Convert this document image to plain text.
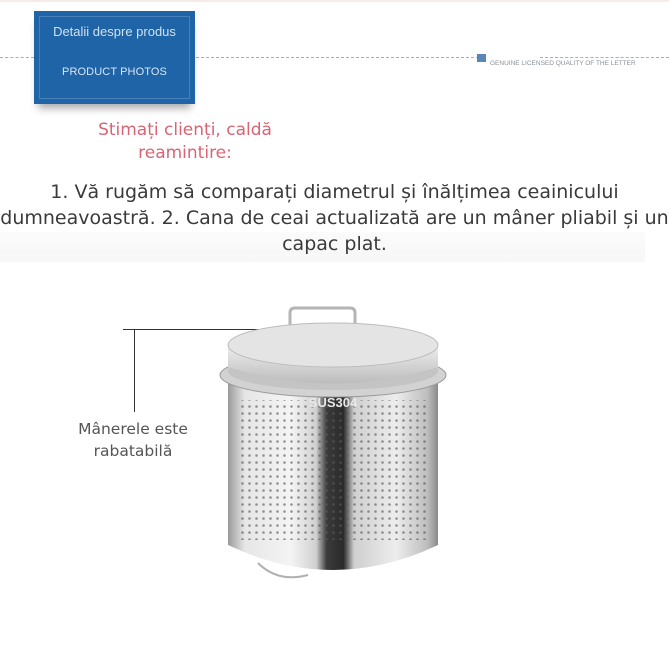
Detalii despre produs
PRODUCT PHOTOS
GENUINE LICENSED QUALITY OF THE LETTER
Stimați clienți, caldă reamintire:
1. Vă rugăm să comparați diametrul și înălțimea ceainicului dumneavoastră. 2. Cana de ceai actualizată are un mâner pliabil și un capac plat.
Mânerele este rabatabilă
SUS304
